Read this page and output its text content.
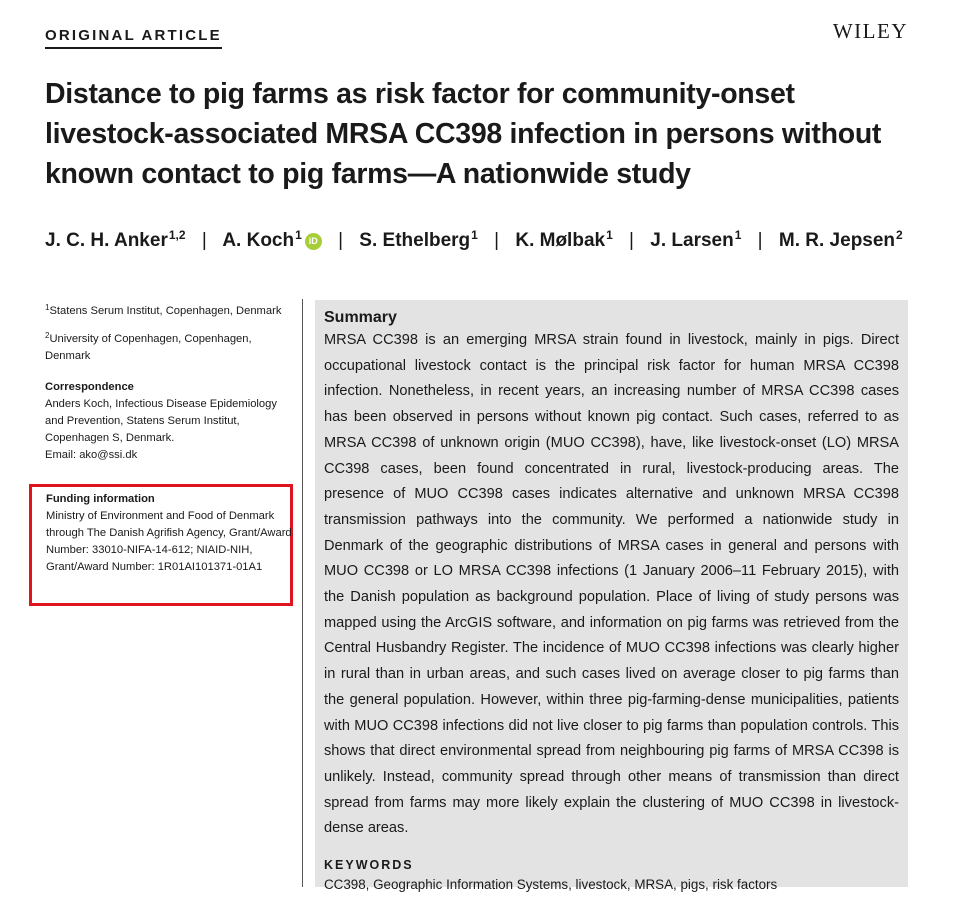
ORIGINAL ARTICLE	WILEY
Distance to pig farms as risk factor for community-onset livestock-associated MRSA CC398 infection in persons without known contact to pig farms—A nationwide study
J. C. H. Anker$^{1,2}$ | A. Koch$^1$ iD | S. Ethelberg$^1$ | K. Mølbak$^1$ | J. Larsen$^1$ | M. R. Jepsen$^2$

$^1$Statens Serum Institut, Copenhagen, Denmark

$^2$University of Copenhagen, Copenhagen, Denmark

Correspondence

Anders Koch, Infectious Disease Epidemiology and Prevention, Statens Serum Institut, Copenhagen S, Denmark.

Email: ako@ssi.dk

Funding information

Ministry of Environment and Food of Denmark through The Danish Agrifish Agency, Grant/Award Number: 33010-NIFA-14-612; NIAID-NIH, Grant/Award Number: 1R01AI101371-01A1

Summary

MRSA CC398 is an emerging MRSA strain found in livestock, mainly in pigs. Direct occupational livestock contact is the principal risk factor for human MRSA CC398 infection. Nonetheless, in recent years, an increasing number of MRSA CC398 cases has been observed in persons without known pig contact. Such cases, referred to as MRSA CC398 of unknown origin (MUO CC398), have, like livestock-onset (LO) MRSA CC398 cases, been found concentrated in rural, livestock-producing areas. The presence of MUO CC398 cases indicates alternative and unknown MRSA CC398 transmission pathways into the community. We performed a nationwide study in Denmark of the geographic distributions of MRSA cases in general and persons with MUO CC398 or LO MRSA CC398 infections (1 January 2006–11 February 2015), with the Danish population as background population. Place of living of study persons was mapped using the ArcGIS software, and information on pig farms was retrieved from the Central Husbandry Register. The incidence of MUO CC398 infections was clearly higher in rural than in urban areas, and such cases lived on average closer to pig farms than the general population. However, within three pig-farming-dense municipalities, patients with MUO CC398 infections did not live closer to pig farms than population controls. This shows that direct environmental spread from neighbouring pig farms of MRSA CC398 is unlikely. Instead, community spread through other means of transmission than direct spread from farms may more likely explain the clustering of MUO CC398 in livestock-dense areas.

KEYWORDS

CC398, Geographic Information Systems, livestock, MRSA, pigs, risk factors
